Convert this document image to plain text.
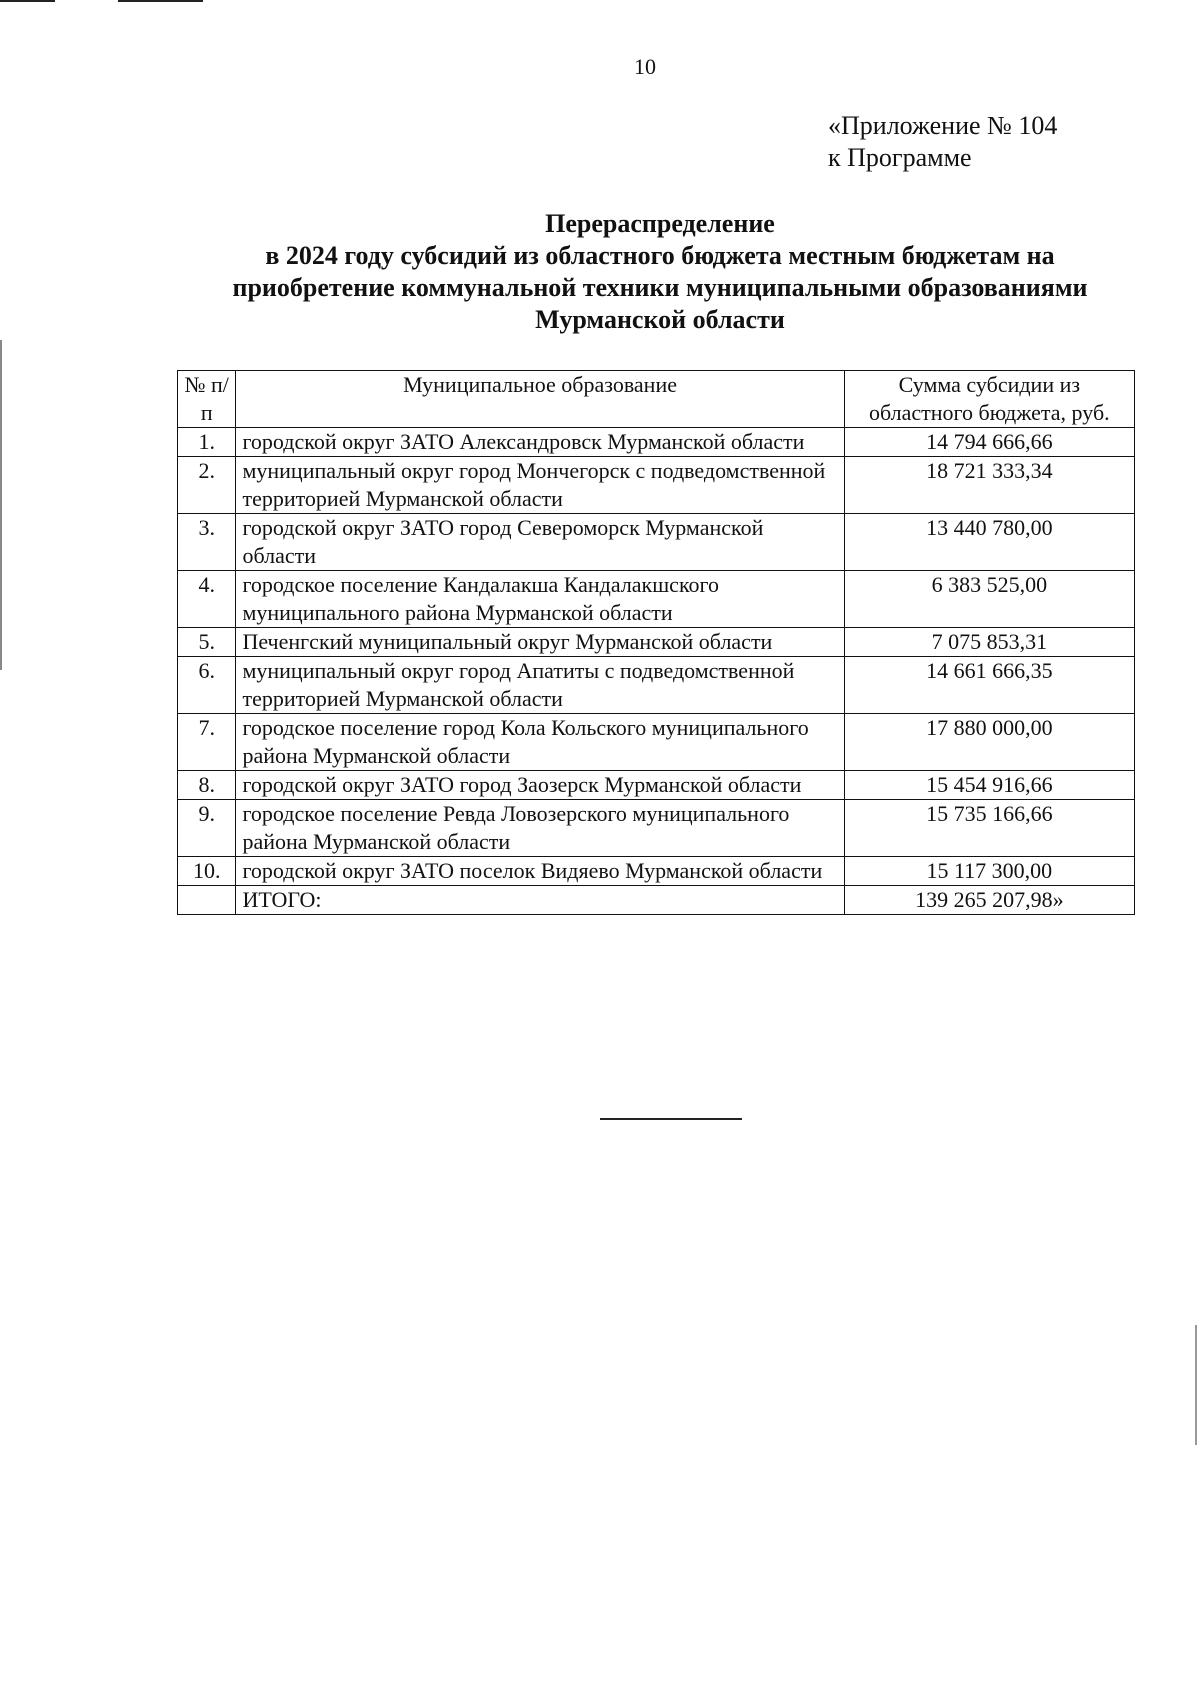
10
«Приложение № 104
к Программе
Перераспределение
в 2024 году субсидий из областного бюджета местным бюджетам на
приобретение коммунальной техники муниципальными образованиями
Мурманской области
№ п/п	Муниципальное образование	Сумма субсидии из областного бюджета, руб.
1.	городской округ ЗАТО Александровск Мурманской области	14 794 666,66
2.	муниципальный округ город Мончегорск с подведомственной территорией Мурманской области	18 721 333,34
3.	городской округ ЗАТО город Североморск Мурманской области	13 440 780,00
4.	городское поселение Кандалакша Кандалакшского муниципального района Мурманской области	6 383 525,00
5.	Печенгский муниципальный округ Мурманской области	7 075 853,31
6.	муниципальный округ город Апатиты с подведомственной территорией Мурманской области	14 661 666,35
7.	городское поселение город Кола Кольского муниципального района Мурманской области	17 880 000,00
8.	городской округ ЗАТО город Заозерск Мурманской области	15 454 916,66
9.	городское поселение Ревда Ловозерского муниципального района Мурманской области	15 735 166,66
10.	городской округ ЗАТО поселок Видяево Мурманской области	15 117 300,00
	ИТОГО:	139 265 207,98»
